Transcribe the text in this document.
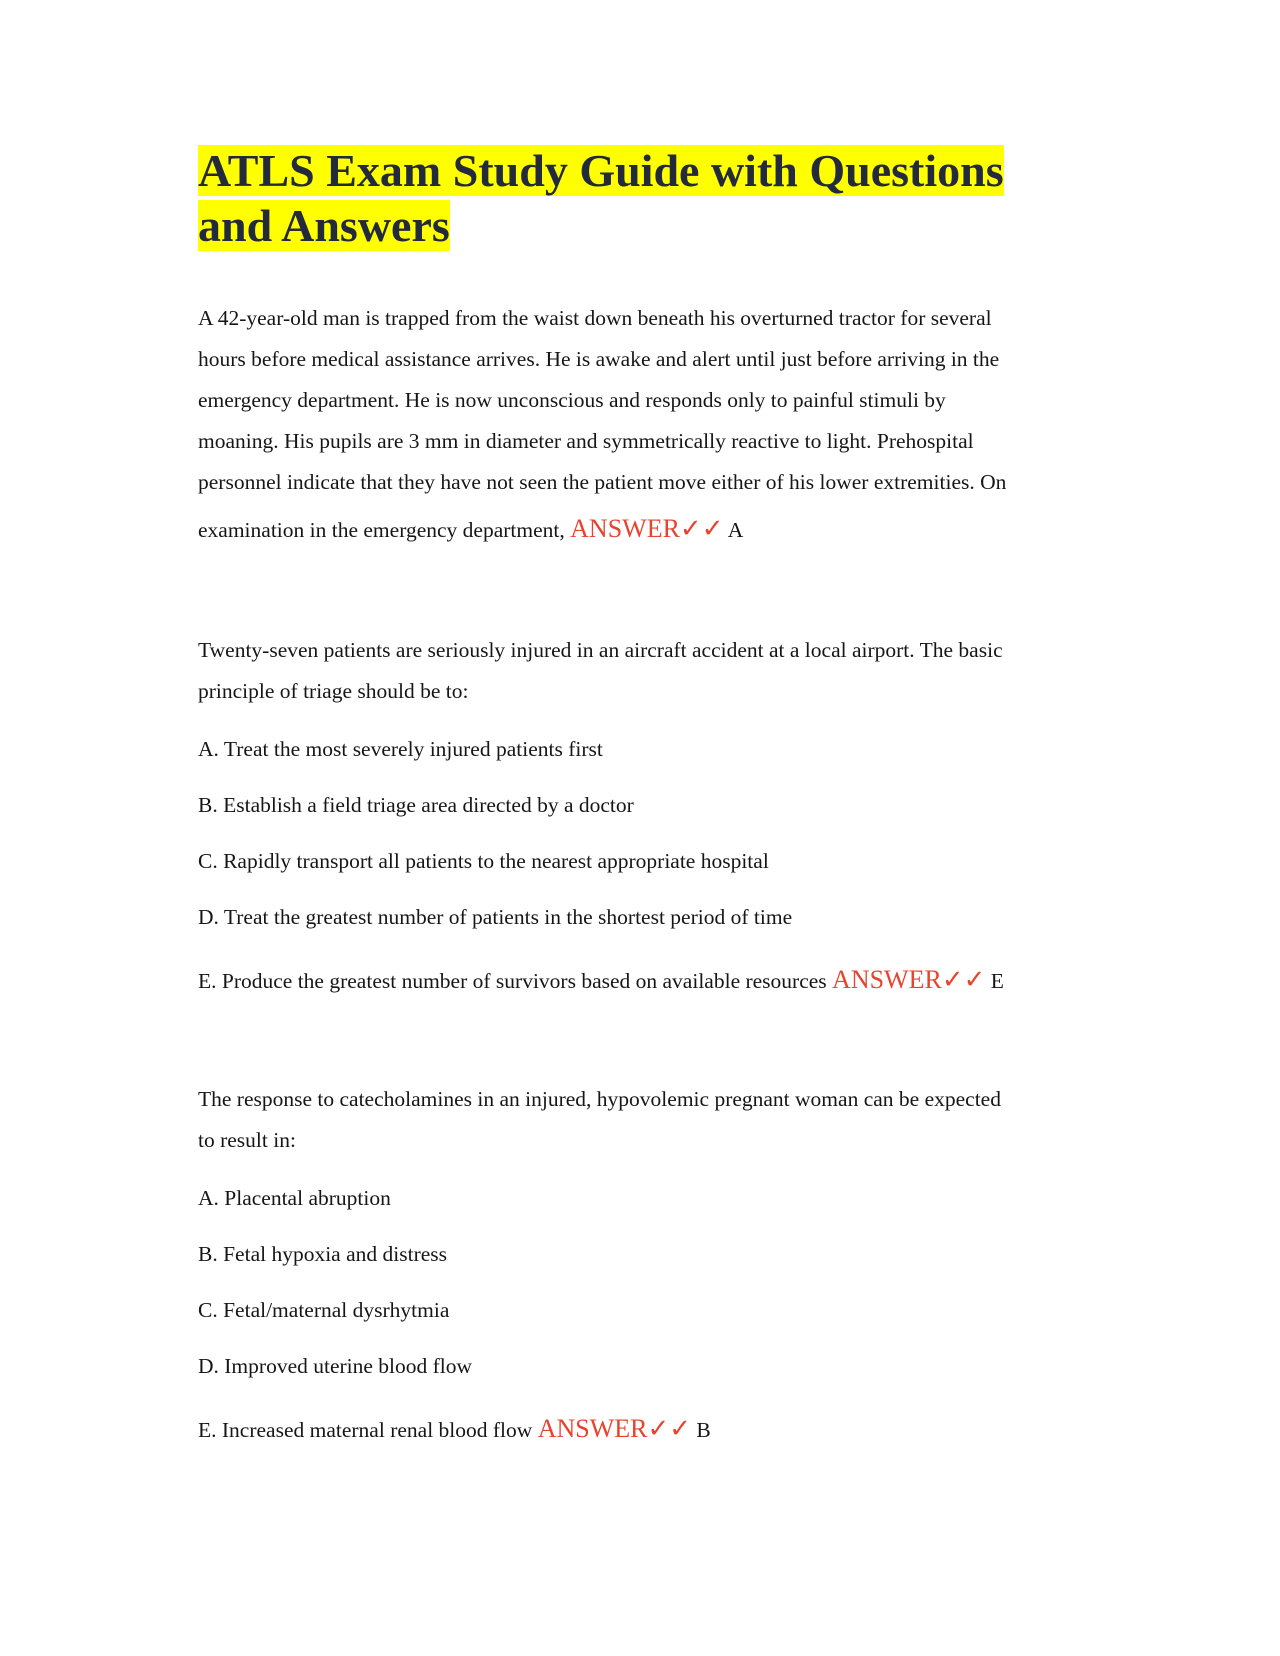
ATLS Exam Study Guide with Questions
and Answers
A 42-year-old man is trapped from the waist down beneath his overturned tractor for several
hours before medical assistance arrives. He is awake and alert until just before arriving in the
emergency department. He is now unconscious and responds only to painful stimuli by
moaning. His pupils are 3 mm in diameter and symmetrically reactive to light. Prehospital
personnel indicate that they have not seen the patient move either of his lower extremities. On
examination in the emergency department, ANSWER✓✓ A
Twenty-seven patients are seriously injured in an aircraft accident at a local airport. The basic
principle of triage should be to:
A. Treat the most severely injured patients first
B. Establish a field triage area directed by a doctor
C. Rapidly transport all patients to the nearest appropriate hospital
D. Treat the greatest number of patients in the shortest period of time
E. Produce the greatest number of survivors based on available resources ANSWER✓✓ E
The response to catecholamines in an injured, hypovolemic pregnant woman can be expected
to result in:
A. Placental abruption
B. Fetal hypoxia and distress
C. Fetal/maternal dysrhytmia
D. Improved uterine blood flow
E. Increased maternal renal blood flow ANSWER✓✓ B
